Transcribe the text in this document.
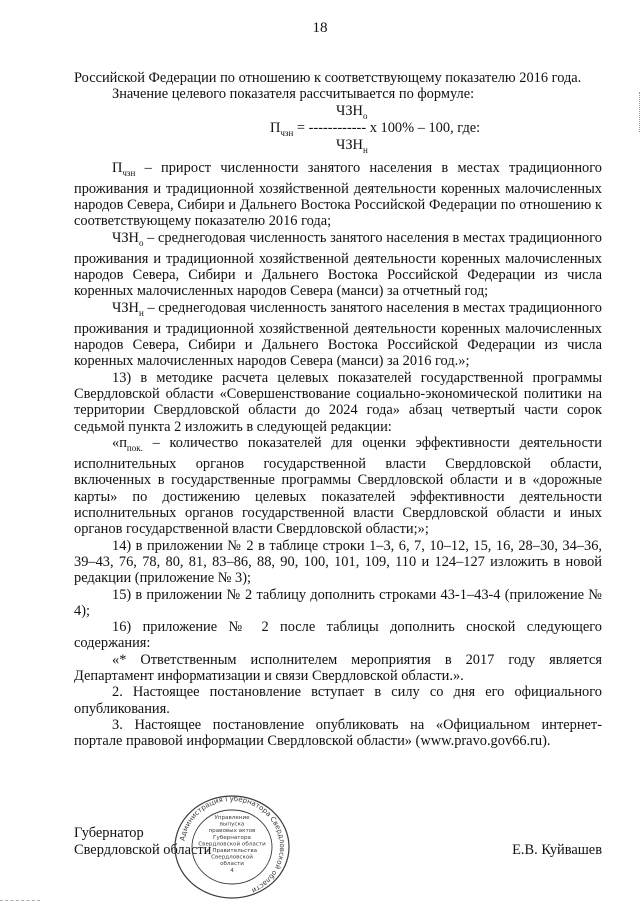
18

Российской Федерации по отношению к соответствующему показателю 2016 года.

Значение целевого показателя рассчитывается по формуле:

$ЧЗН_о$
$П_{чзн}$ = ------------ х 100% – 100, где:
$ЧЗН_н$

$П_{чзн}$ – прирост численности занятого населения в местах традиционного проживания и традиционной хозяйственной деятельности коренных малочисленных народов Севера, Сибири и Дальнего Востока Российской Федерации по отношению к соответствующему показателю 2016 года;

$ЧЗН_о$ – среднегодовая численность занятого населения в местах традиционного проживания и традиционной хозяйственной деятельности коренных малочисленных народов Севера, Сибири и Дальнего Востока Российской Федерации из числа коренных малочисленных народов Севера (манси) за отчетный год;

$ЧЗН_н$ – среднегодовая численность занятого населения в местах традиционного проживания и традиционной хозяйственной деятельности коренных малочисленных народов Севера, Сибири и Дальнего Востока Российской Федерации из числа коренных малочисленных народов Севера (манси) за 2016 год.»;

13) в методике расчета целевых показателей государственной программы Свердловской области «Совершенствование социально-экономической политики на территории Свердловской области до 2024 года» абзац четвертый части сорок седьмой пункта 2 изложить в следующей редакции:

«$п_{пок.}$ – количество показателей для оценки эффективности деятельности исполнительных органов государственной власти Свердловской области, включенных в государственные программы Свердловской области и в «дорожные карты» по достижению целевых показателей эффективности деятельности исполнительных органов государственной власти Свердловской области и иных органов государственной власти Свердловской области;»;

14) в приложении № 2 в таблице строки 1–3, 6, 7, 10–12, 15, 16, 28–30, 34–36, 39–43, 76, 78, 80, 81, 83–86, 88, 90, 100, 101, 109, 110 и 124–127 изложить в новой редакции (приложение № 3);

15) в приложении № 2 таблицу дополнить строками 43-1–43-4 (приложение № 4);

16) приложение № 2 после таблицы дополнить сноской следующего содержания:

«* Ответственным исполнителем мероприятия в 2017 году является Департамент информатизации и связи Свердловской области.».

2. Настоящее постановление вступает в силу со дня его официального опубликования.

3. Настоящее постановление опубликовать на «Официальном интернет-портале правовой информации Свердловской области» (www.pravo.gov66.ru).

Губернатор
Свердловской области	Е.В. Куйвашев
Администрация Губернатора Свердловской области
Управление
выпуска
правовых актов
Губернатора
Свердловской области
и Правительства
Свердловской
области
4
